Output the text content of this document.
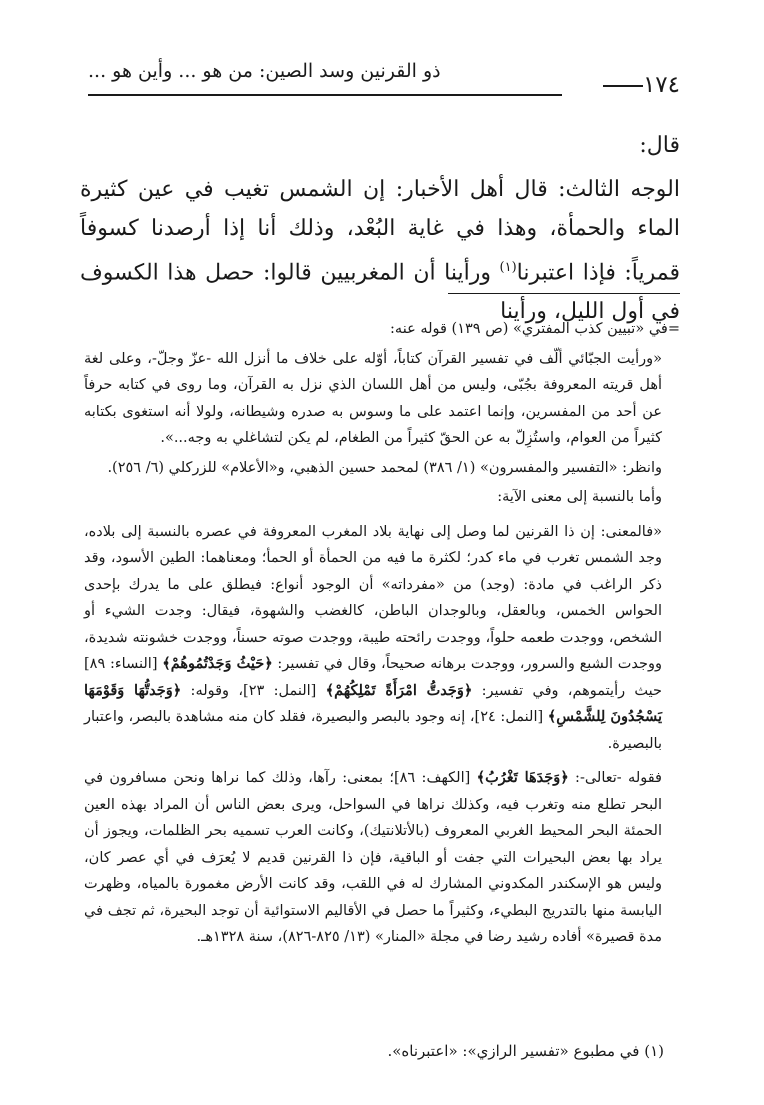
١٧٤
ذو القرنين وسد الصين: من هو ... وأين هو ...

قال:

الوجه الثالث: قال أهل الأخبار: إن الشمس تغيب في عين كثيرة الماء والحمأة، وهذا في غاية البُعْد، وذلك أنا إذا أرصدنا كسوفاً قمرياً: فإذا اعتبرنا$^{(١)}$ ورأينا أن المغربيين قالوا: حصل هذا الكسوف في أول الليل، ورأينا

=في «تبيين كذب المفتري» (ص ١٣٩) قوله عنه:

«ورأيت الجبّائي ألّف في تفسير القرآن كتاباً، أوّله على خلاف ما أنزل الله -عزّ وجلّ-، وعلى لغة أهل قريته المعروفة بجُبّى، وليس من أهل اللسان الذي نزل به القرآن، وما روى في كتابه حرفاً عن أحد من المفسرين، وإنما اعتمد على ما وسوس به صدره وشيطانه، ولولا أنه استغوى بكتابه كثيراً من العوام، واستُزِلّ به عن الحقّ كثيراً من الطغام، لم يكن لتشاغلي به وجه...».

وانظر: «التفسير والمفسرون» (١/ ٣٨٦) لمحمد حسين الذهبي، و«الأعلام» للزركلي (٦/ ٢٥٦).

وأما بالنسبة إلى معنى الآية:

«فالمعنى: إن ذا القرنين لما وصل إلى نهاية بلاد المغرب المعروفة في عصره بالنسبة إلى بلاده، وجد الشمس تغرب في ماء كدر؛ لكثرة ما فيه من الحمأة أو الحمأ؛ ومعناهما: الطين الأسود، وقد ذكر الراغب في مادة: (وجد) من «مفرداته» أن الوجود أنواع: فيطلق على ما يدرك بإحدى الحواس الخمس، وبالعقل، وبالوجدان الباطن، كالغضب والشهوة، فيقال: وجدت الشيء أو الشخص، ووجدت طعمه حلواً، ووجدت رائحته طيبة، ووجدت صوته حسناً، ووجدت خشونته شديدة، ووجدت الشبع والسرور، ووجدت برهانه صحيحاً، وقال في تفسير: ﴿حَيْثُ وَجَدْتُمُوهُمْ﴾ [النساء: ٨٩] حيث رأيتموهم، وفي تفسير: ﴿وَجَدتُّ امْرَأَةً تَمْلِكُهُمْ﴾ [النمل: ٢٣]، وقوله: ﴿وَجَدتُّهَا وَقَوْمَهَا يَسْجُدُونَ لِلشَّمْسِ﴾ [النمل: ٢٤]، إنه وجود بالبصر والبصيرة، فقلد كان منه مشاهدة بالبصر، واعتبار بالبصيرة.

فقوله -تعالى-: ﴿وَجَدَهَا تَغْرُبُ﴾ [الكهف: ٨٦]؛ بمعنى: رآها، وذلك كما نراها ونحن مسافرون في البحر تطلع منه وتغرب فيه، وكذلك نراها في السواحل، ويرى بعض الناس أن المراد بهذه العين الحمئة البحر المحيط الغربي المعروف (بالأتلانتيك)، وكانت العرب تسميه بحر الظلمات، ويجوز أن يراد بها بعض البحيرات التي جفت أو الباقية، فإن ذا القرنين قديم لا يُعرَف في أي عصر كان، وليس هو الإسكندر المكدوني المشارك له في اللقب، وقد كانت الأرض مغمورة بالمياه، وظهرت اليابسة منها بالتدريج البطيء، وكثيراً ما حصل في الأقاليم الاستوائية أن توجد البحيرة، ثم تجف في مدة قصيرة» أفاده رشيد رضا في مجلة «المنار» (١٣/ ٨٢٥-٨٢٦)، سنة ١٣٢٨هـ.

(١) في مطبوع «تفسير الرازي»: «اعتبرناه».
